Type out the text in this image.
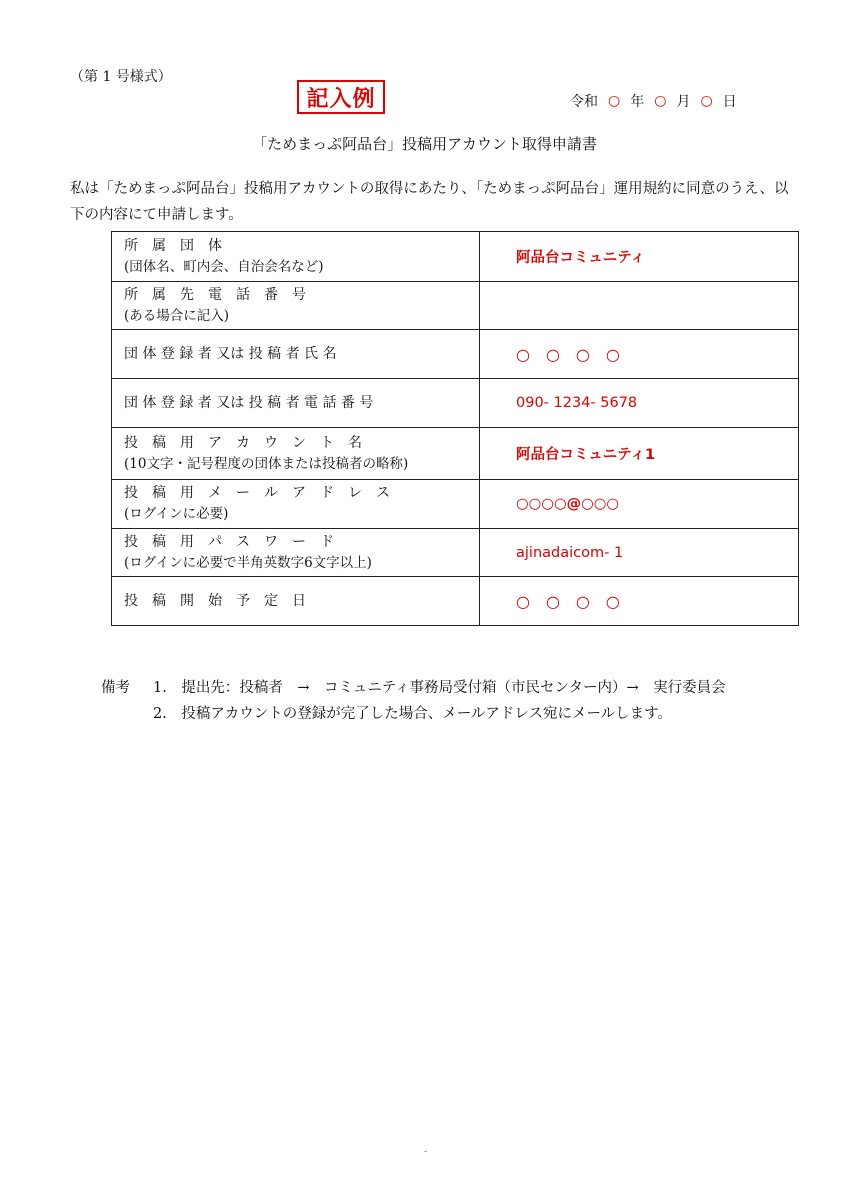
（第 1 号様式）
記入例	令和 ○ 年 ○ 月 ○ 日
「ためまっぷ阿品台」投稿用アカウント取得申請書
私は「ためまっぷ阿品台」投稿用アカウントの取得にあたり、「ためまっぷ阿品台」運用規約に同意のうえ、以下の内容にて申請します。
所　属　団　体
(団体名、町内会、自治会名など)	阿品台コミュニティ

所　属　先　電　話　番　号
(ある場合に記入)	

団 体 登 録 者 又は 投 稿 者 氏 名	○○○○

団 体 登 録 者 又は 投 稿 者 電 話 番 号	090- 1234- 5678

投　稿　用　ア　カ　ウ　ン　ト　名
(10文字・記号程度の団体または投稿者の略称)	阿品台コミュニティ1

投　稿　用　メ　ー　ル　ア　ド　レ　ス
(ログインに必要)	○○○○@○○○

投　稿　用　パ　ス　ワ　ー　ド
(ログインに必要で半角英数字6文字以上)	ajinadaicom- 1

投　稿　開　始　予　定　日	○○○○
備考 1.　提出先：投稿者　→　コミュニティ事務局受付箱（市民センター内）→　実行委員会
2.　投稿アカウントの登録が完了した場合、メールアドレス宛にメールします。
-
